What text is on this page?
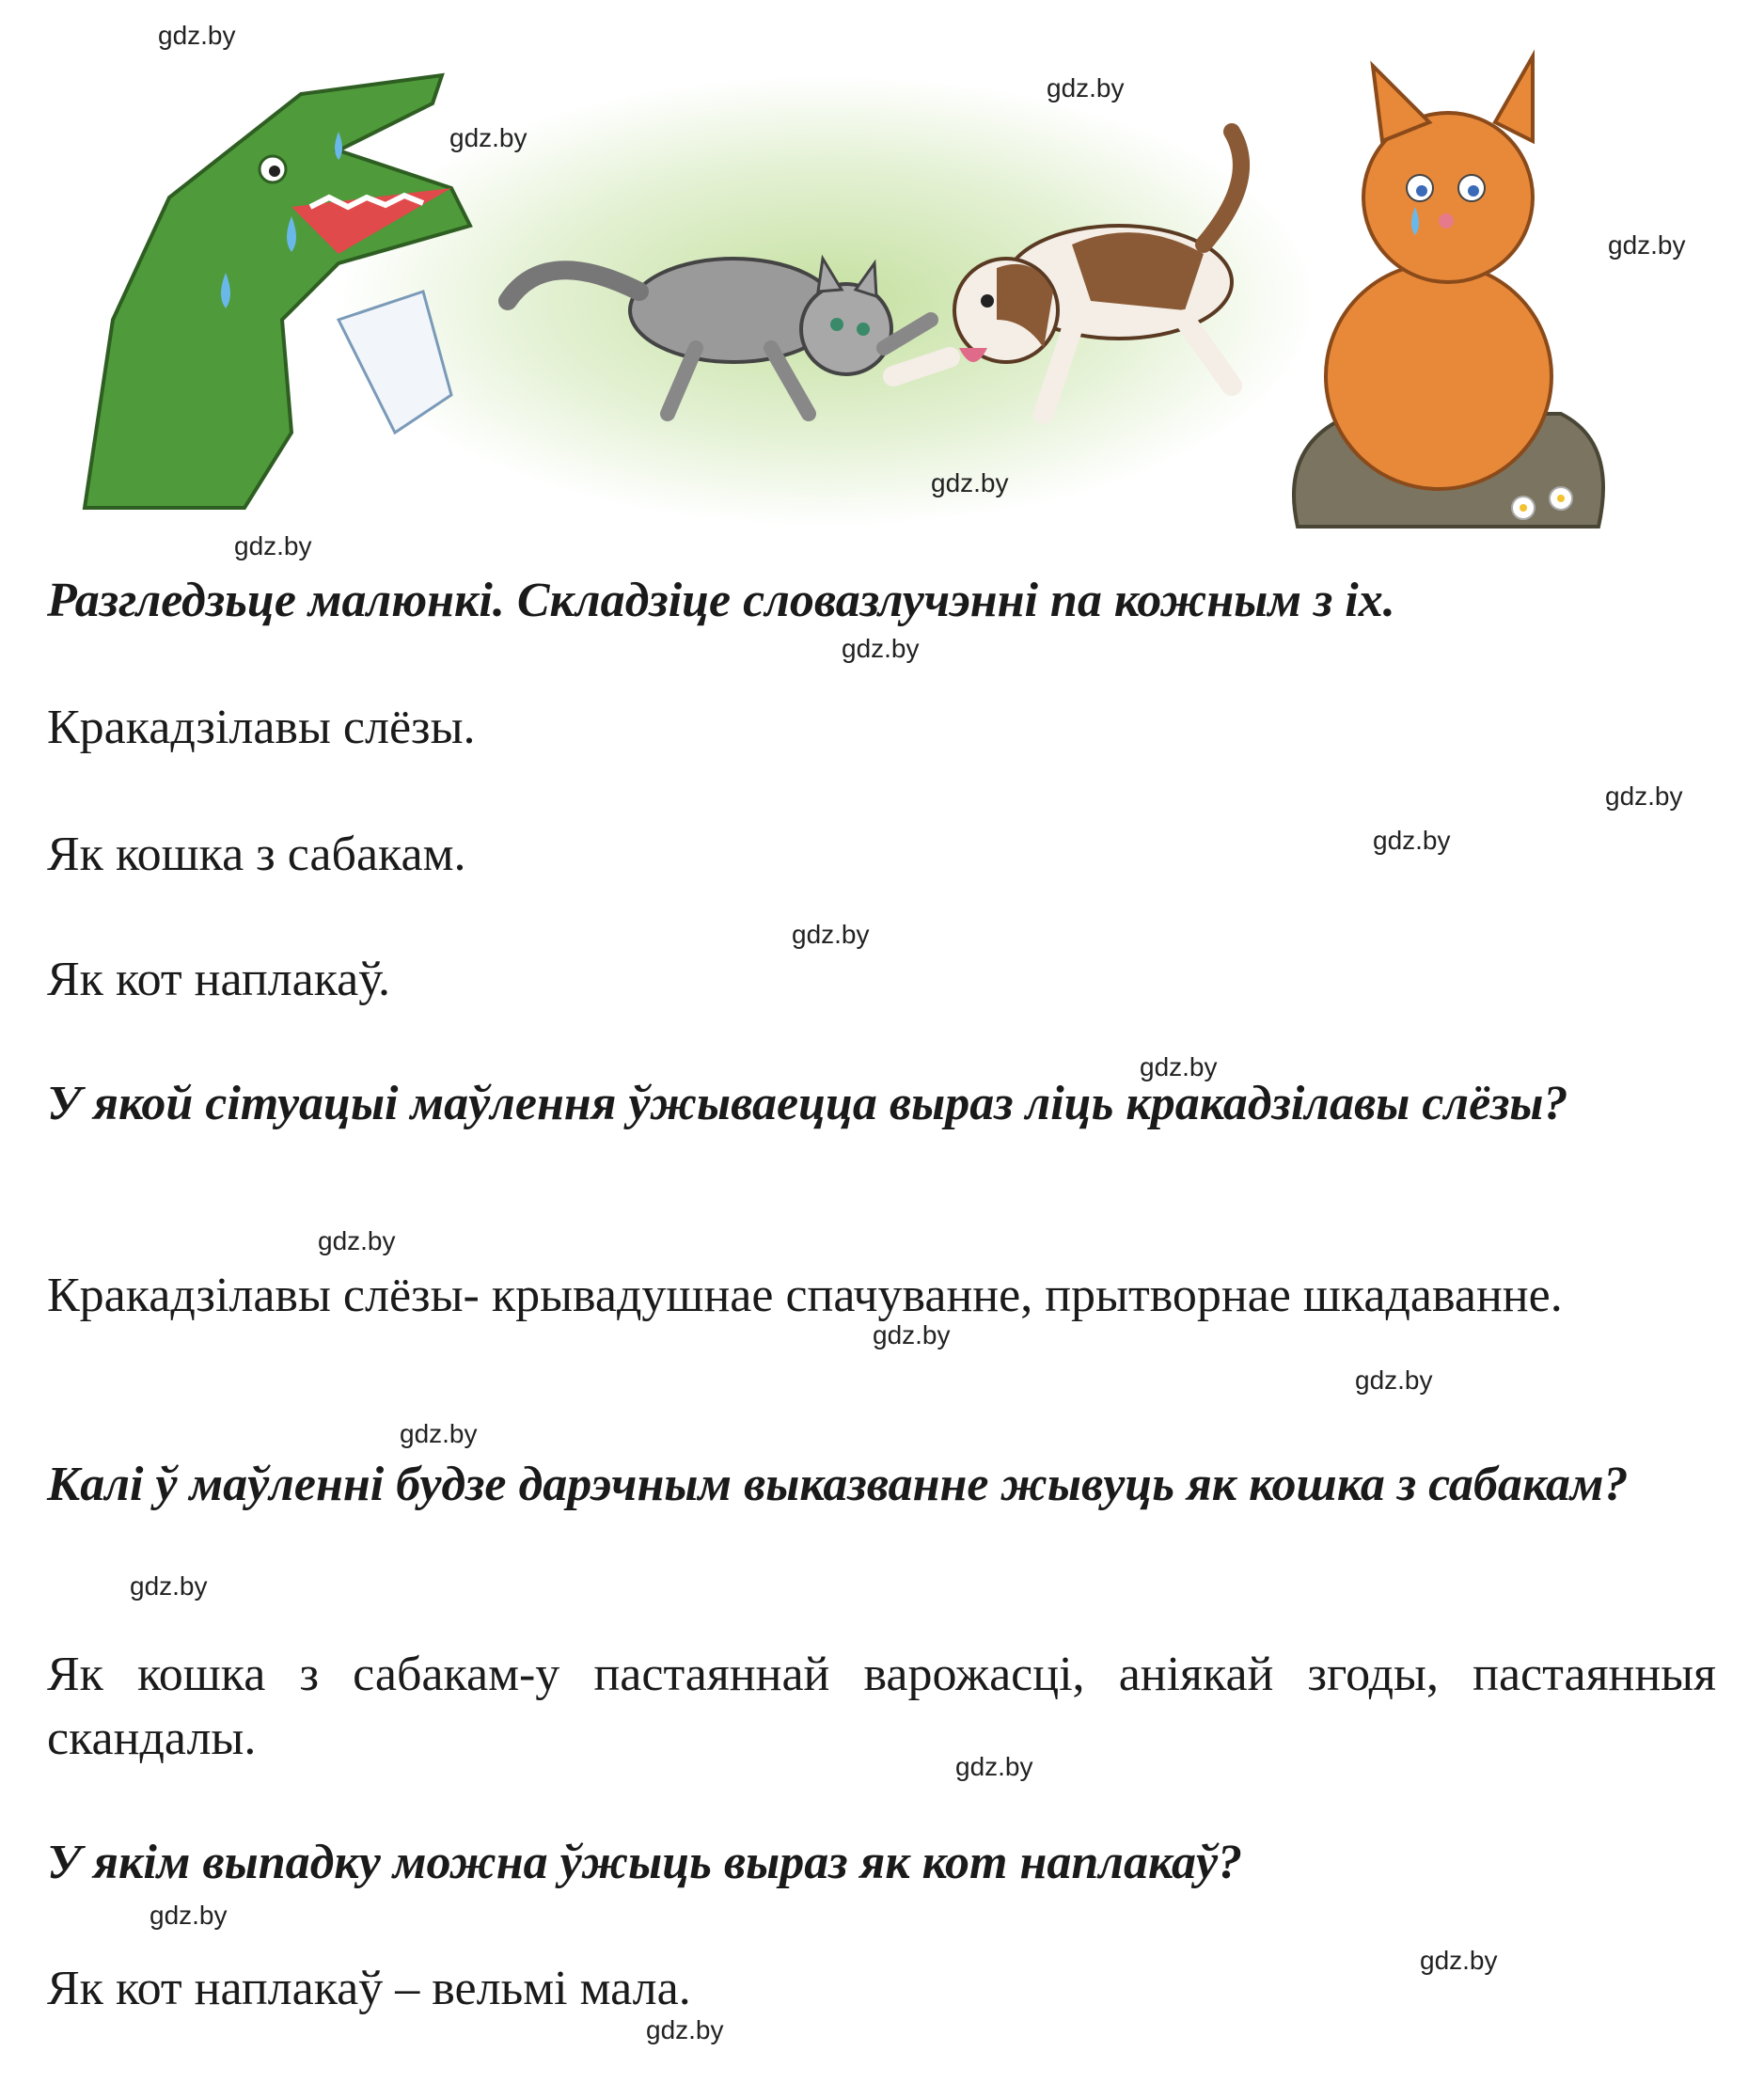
gdz.by
gdz.by
gdz.by
gdz.by
gdz.by
gdz.by
gdz.by
gdz.by
gdz.by
gdz.by
gdz.by
gdz.by
gdz.by
gdz.by
gdz.by
gdz.by
gdz.by
gdz.by
gdz.by
gdz.by

Разгледзьце малюнкі. Складзіце словазлучэнні па кожным з іх.

Кракадзілавы слёзы.

Як кошка з сабакам.

Як кот наплакаў.

У якой сітуацыі маўлення ўжываецца выраз ліць кракадзілавы слёзы?

Кракадзілавы слёзы- крывадушнае спачуванне, прытворнае шкадаванне.

Калі ў маўленні будзе дарэчным выказванне жывуць як кошка з сабакам?

Як кошка з сабакам-у пастаяннай варожасці, аніякай згоды, пастаянныя скандалы.

У якім выпадку можна ўжыць выраз як кот наплакаў?

Як кот наплакаў – вельмі мала.
